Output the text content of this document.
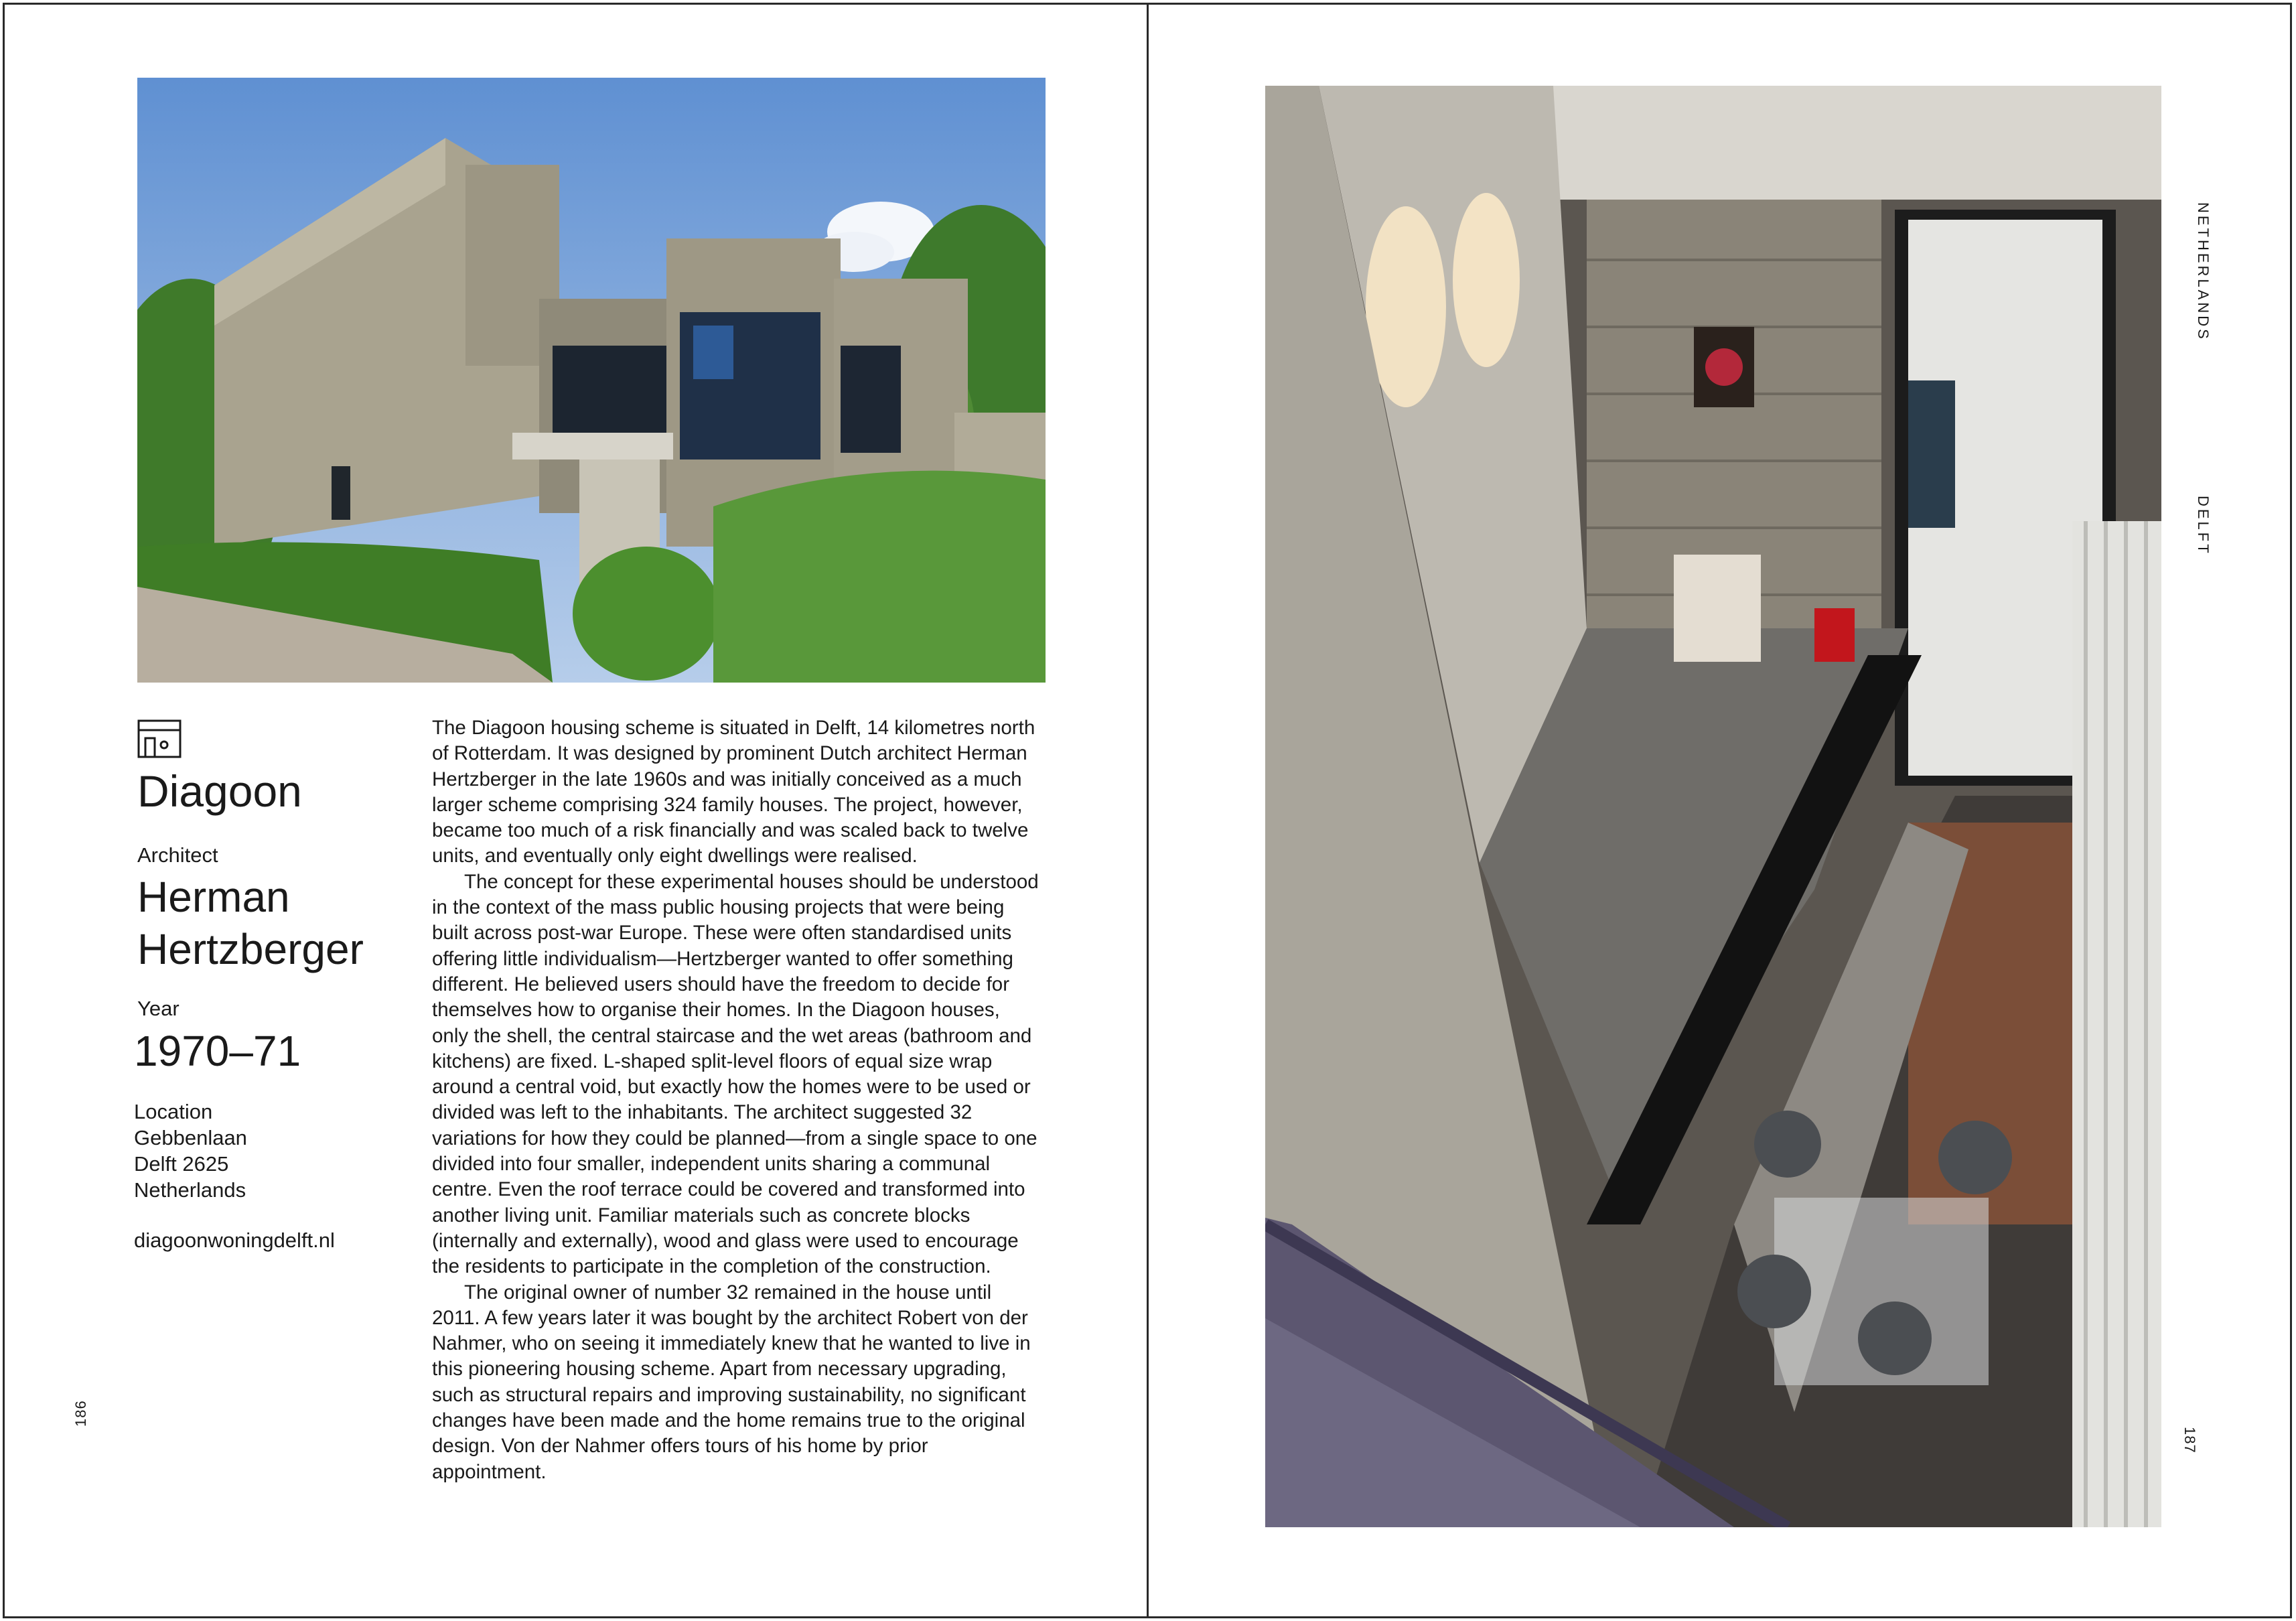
Diagoon
Architect
Herman
Hertzberger
Year
1970–71
Location
Gebbenlaan
Delft 2625
Netherlands
diagoonwoningdelft.nl

The Diagoon housing scheme is situated in Delft, 14 kilometres north of Rotterdam. It was designed by prominent Dutch architect Herman Hertzberger in the late 1960s and was initially conceived as a much larger scheme comprising 324 family houses. The project, however, became too much of a risk financially and was scaled back to twelve units, and eventually only eight dwellings were realised.

The concept for these experimental houses should be understood in the context of the mass public housing projects that were being built across post-war Europe. These were often standardised units offering little individualism—Hertzberger wanted to offer something different. He believed users should have the freedom to decide for themselves how to organise their homes. In the Diagoon houses, only the shell, the central staircase and the wet areas (bathroom and kitchens) are fixed. L-shaped split-level floors of equal size wrap around a central void, but exactly how the homes were to be used or divided was left to the inhabitants. The architect suggested 32 variations for how they could be planned—from a single space to one divided into four smaller, independent units sharing a communal centre. Even the roof terrace could be covered and transformed into another living unit. Familiar materials such as concrete blocks (internally and externally), wood and glass were used to encourage the residents to participate in the completion of the construction.

The original owner of number 32 remained in the house until 2011. A few years later it was bought by the architect Robert von der Nahmer, who on seeing it immediately knew that he wanted to live in this pioneering housing scheme. Apart from necessary upgrading, such as structural repairs and improving sustainability, no significant changes have been made and the home remains true to the original design. Von der Nahmer offers tours of his home by prior appointment.

186
187
NETHERLANDS
DELFT
